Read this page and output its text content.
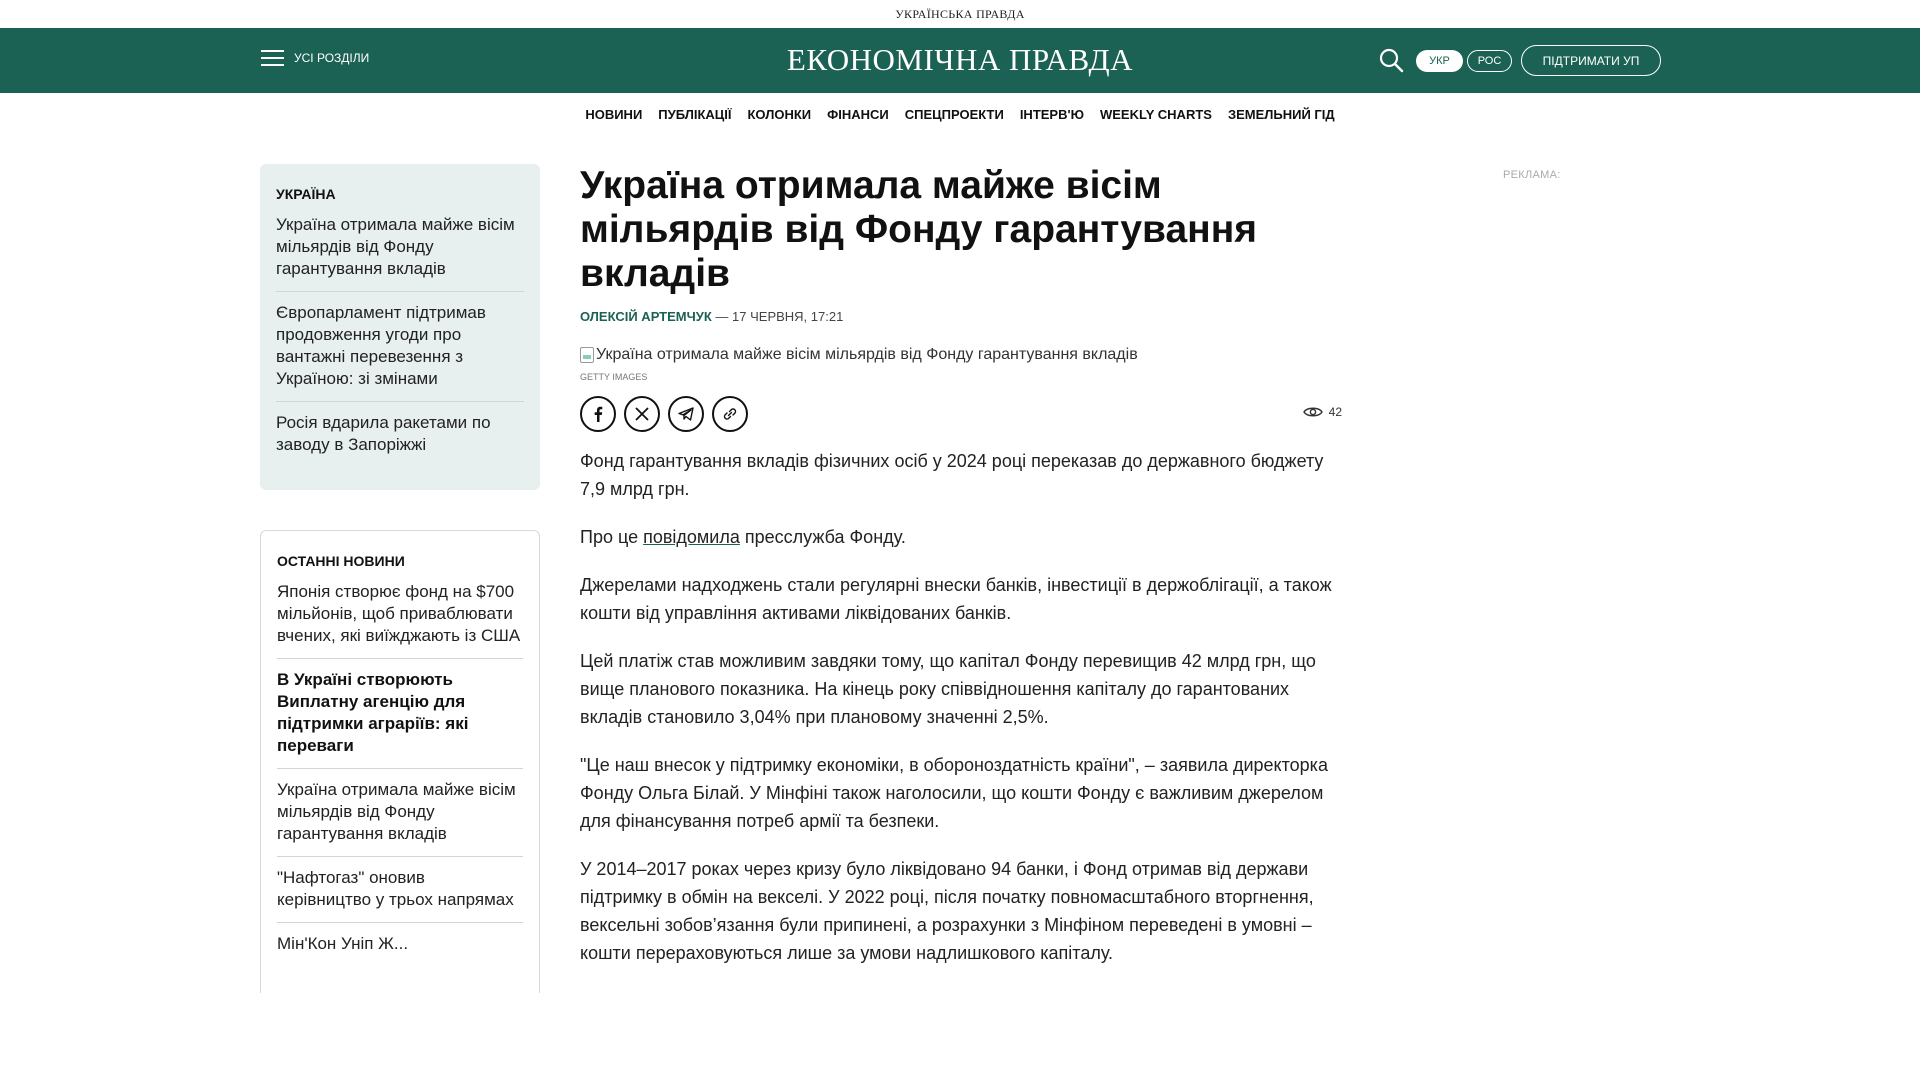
УКРАЇНСЬКА ПРАВДА
УСІ РОЗДІЛИ	ЕКОНОМІЧНА ПРАВДА	УКР	РОС	ПІДТРИМАТИ УП
НОВИНИ ПУБЛІКАЦІЇ КОЛОНКИ ФІНАНСИ СПЕЦПРОЕКТИ ІНТЕРВ'Ю WEEKLY CHARTS ЗЕМЕЛЬНИЙ ГІД
УКРАЇНА
Україна отримала майже вісім мільярдів від Фонду гарантування вкладів
Європарламент підтримав продовження угоди про вантажні перевезення з Україною: зі змінами
Росія вдарила ракетами по заводу в Запоріжжі
ОСТАННІ НОВИНИ
Японія створює фонд на $700 мільйонів, щоб приваблювати вчених, які виїжджають із США
В Україні створюють Виплатну агенцію для підтримки аграріїв: які переваги
Україна отримала майже вісім мільярдів від Фонду гарантування вкладів
"Нафтогаз" оновив керівництво у трьох напрямах
Мін'Кон Уніп Ж...
Україна отримала майже вісім мільярдів від Фонду гарантування вкладів
ОЛЕКСІЙ АРТЕМЧУК — 17 ЧЕРВНЯ, 17:21
Україна отримала майже вісім мільярдів від Фонду гарантування вкладів
GETTY IMAGES
42

Фонд гарантування вкладів фізичних осіб у 2024 році переказав до державного бюджету 7,9 млрд грн.

Про це повідомила пресслужба Фонду.

Джерелами надходжень стали регулярні внески банків, інвестиції в держоблігації, а також кошти від управління активами ліквідованих банків.

Цей платіж став можливим завдяки тому, що капітал Фонду перевищив 42 млрд грн, що вище планового показника. На кінець року співвідношення капіталу до гарантованих вкладів становило 3,04% при плановому значенні 2,5%.

"Це наш внесок у підтримку економіки, в обороноздатність країни", – заявила директорка Фонду Ольга Білай. У Мінфіні також наголосили, що кошти Фонду є важливим джерелом для фінансування потреб армії та безпеки.

У 2014–2017 роках через кризу було ліквідовано 94 банки, і Фонд отримав від держави підтримку в обмін на векселі. У 2022 році, після початку повномасштабного вторгнення, вексельні зобов’язання були припинені, а розрахунки з Мінфіном переведені в умовні – кошти перераховуються лише за умови надлишкового капіталу.

РЕКЛАМА:
